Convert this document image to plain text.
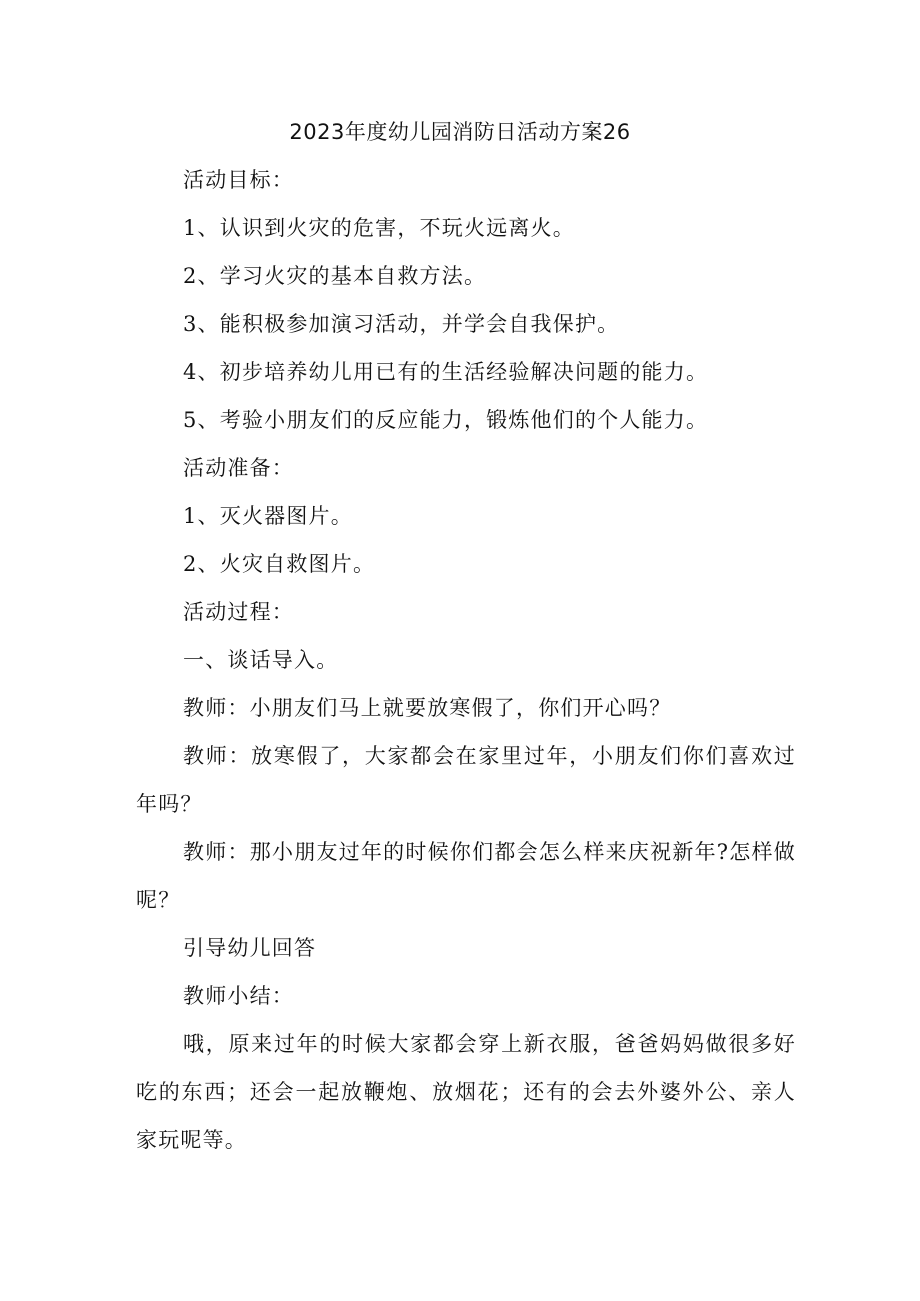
2023年度幼儿园消防日活动方案26

活动目标：

1、认识到火灾的危害，不玩火远离火。

2、学习火灾的基本自救方法。

3、能积极参加演习活动，并学会自我保护。

4、初步培养幼儿用已有的生活经验解决问题的能力。

5、考验小朋友们的反应能力，锻炼他们的个人能力。

活动准备：

1、灭火器图片。

2、火灾自救图片。

活动过程：

一、谈话导入。

教师：小朋友们马上就要放寒假了，你们开心吗？

教师：放寒假了，大家都会在家里过年，小朋友们你们喜欢过年吗？

教师：那小朋友过年的时候你们都会怎么样来庆祝新年?怎样做呢？

引导幼儿回答

教师小结：

哦，原来过年的时候大家都会穿上新衣服，爸爸妈妈做很多好吃的东西；还会一起放鞭炮、放烟花；还有的会去外婆外公、亲人家玩呢等。
